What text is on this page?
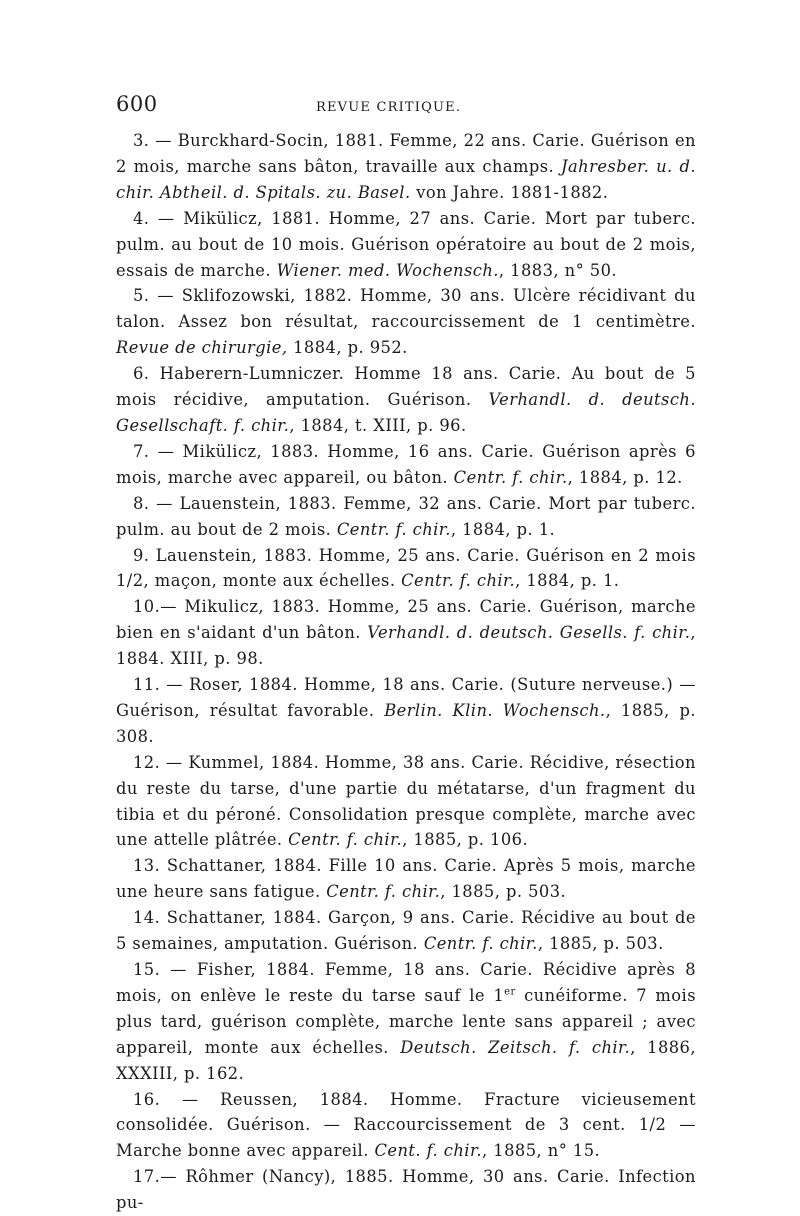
600	REVUE CRITIQUE.

3. — Burckhard-Socin, 1881. Femme, 22 ans. Carie. Guérison en 2 mois, marche sans bâton, travaille aux champs. Jahresber. u. d. chir. Abtheil. d. Spitals. zu. Basel. von Jahre. 1881-1882.

4. — Mikülicz, 1881. Homme, 27 ans. Carie. Mort par tuberc. pulm. au bout de 10 mois. Guérison opératoire au bout de 2 mois, essais de marche. Wiener. med. Wochensch., 1883, n° 50.

5. — Sklifozowski, 1882. Homme, 30 ans. Ulcère récidivant du talon. Assez bon résultat, raccourcissement de 1 centimètre. Revue de chirurgie, 1884, p. 952.

6. Haberern-Lumniczer. Homme 18 ans. Carie. Au bout de 5 mois récidive, amputation. Guérison. Verhandl. d. deutsch. Gesellschaft. f. chir., 1884, t. XIII, p. 96.

7. — Mikülicz, 1883. Homme, 16 ans. Carie. Guérison après 6 mois, marche avec appareil, ou bâton. Centr. f. chir., 1884, p. 12.

8. — Lauenstein, 1883. Femme, 32 ans. Carie. Mort par tuberc. pulm. au bout de 2 mois. Centr. f. chir., 1884, p. 1.

9. Lauenstein, 1883. Homme, 25 ans. Carie. Guérison en 2 mois 1/2, maçon, monte aux échelles. Centr. f. chir., 1884, p. 1.

10.— Mikulicz, 1883. Homme, 25 ans. Carie. Guérison, marche bien en s'aidant d'un bâton. Verhandl. d. deutsch. Gesells. f. chir., 1884. XIII, p. 98.

11. — Roser, 1884. Homme, 18 ans. Carie. (Suture nerveuse.) — Guérison, résultat favorable. Berlin. Klin. Wochensch., 1885, p. 308.

12. — Kummel, 1884. Homme, 38 ans. Carie. Récidive, résection du reste du tarse, d'une partie du métatarse, d'un fragment du tibia et du péroné. Consolidation presque complète, marche avec une attelle plâtrée. Centr. f. chir., 1885, p. 106.

13. Schattaner, 1884. Fille 10 ans. Carie. Après 5 mois, marche une heure sans fatigue. Centr. f. chir., 1885, p. 503.

14. Schattaner, 1884. Garçon, 9 ans. Carie. Récidive au bout de 5 semaines, amputation. Guérison. Centr. f. chir., 1885, p. 503.

15. — Fisher, 1884. Femme, 18 ans. Carie. Récidive après 8 mois, on enlève le reste du tarse sauf le 1er cunéiforme. 7 mois plus tard, guérison complète, marche lente sans appareil ; avec appareil, monte aux échelles. Deutsch. Zeitsch. f. chir., 1886, XXXIII, p. 162.

16. — Reussen, 1884. Homme. Fracture vicieusement consolidée. Guérison. — Raccourcissement de 3 cent. 1/2 — Marche bonne avec appareil. Cent. f. chir., 1885, n° 15.

17.— Rôhmer (Nancy), 1885. Homme, 30 ans. Carie. Infection pu-
